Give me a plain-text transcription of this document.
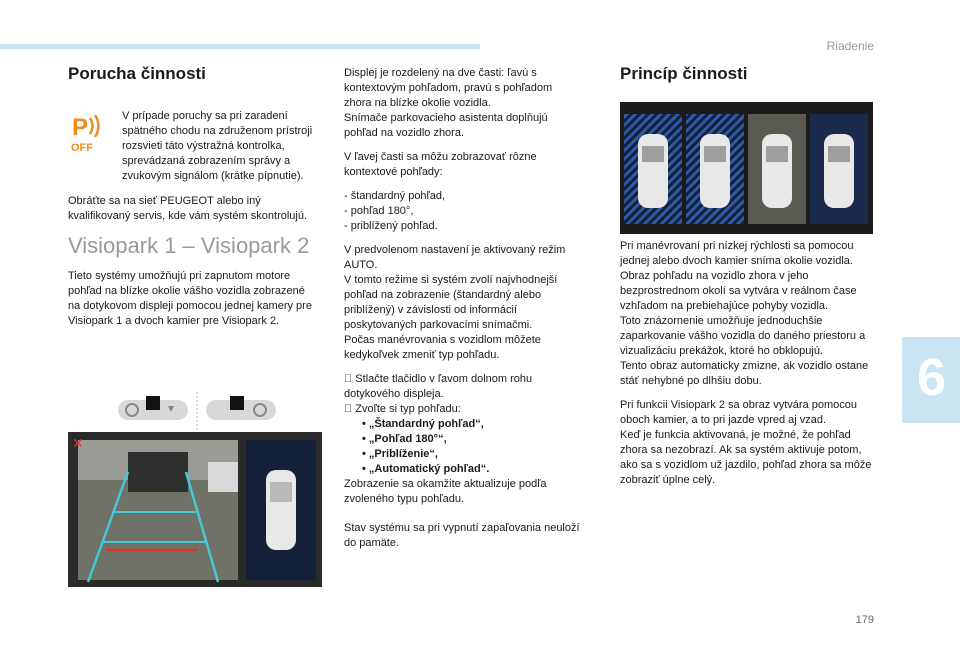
Riadenie
6
179
Porucha činnosti
P
OFF
V prípade poruchy sa pri zaradení spätného chodu na združenom prístroji rozsvieti táto výstražná kontrolka, sprevádzaná zobrazením správy a zvukovým signálom (krátke pípnutie).

Obráťte sa na sieť PEUGEOT alebo iný kvalifikovaný servis, kde vám systém skontrolujú.

Visiopark 1 – Visiopark 2

Tieto systémy umožňujú pri zapnutom motore pohľad na blízke okolie vášho vozidla zobrazené na dotykovom displeji pomocou jednej kamery pre Visiopark 1 a dvoch kamier pre Visiopark 2.

✕

Displej je rozdelený na dve časti: ľavú s kontextovým pohľadom, pravú s pohľadom zhora na blízke okolie vozidla.
Snímače parkovacieho asistenta doplňujú pohľad na vozidlo zhora.

V ľavej časti sa môžu zobrazovať rôzne kontextové pohľady:

- štandardný pohľad,
- pohľad 180°,
- priblížený pohľad.

V predvolenom nastavení je aktivovaný režim AUTO.
V tomto režime si systém zvolí najvhodnejší pohľad na zobrazenie (štandardný alebo priblížený) v závislosti od informácií poskytovaných parkovacími snímačmi.
Počas manévrovania s vozidlom môžete kedykoľvek zmeniť typ pohľadu.

Stlačte tlačidlo v ľavom dolnom rohu dotykového displeja.
Zvoľte si typ pohľadu:
• „Štandardný pohľad“,
• „Pohľad 180°“,
• „Priblíženie“,
• „Automatický pohľad“.

Zobrazenie sa okamžite aktualizuje podľa zvoleného typu pohľadu.

Stav systému sa pri vypnutí zapaľovania neuloží do pamäte.

Princíp činnosti

Pri manévrovaní pri nízkej rýchlosti sa pomocou jednej alebo dvoch kamier sníma okolie vozidla.
Obraz pohľadu na vozidlo zhora v jeho bezprostrednom okolí sa vytvára v reálnom čase vzhľadom na prebiehajúce pohyby vozidla.
Toto znázornenie umožňuje jednoduchšie zaparkovanie vášho vozidla do daného priestoru a vizualizáciu prekážok, ktoré ho obklopujú.
Tento obraz automaticky zmizne, ak vozidlo ostane stáť nehybné po dlhšiu dobu.

Pri funkcii Visiopark 2 sa obraz vytvára pomocou oboch kamier, a to pri jazde vpred aj vzad.
Keď je funkcia aktivovaná, je možné, že pohľad zhora sa nezobrazí. Ak sa systém aktivuje potom, ako sa s vozidlom už jazdilo, pohľad zhora sa môže zobraziť úplne celý.
